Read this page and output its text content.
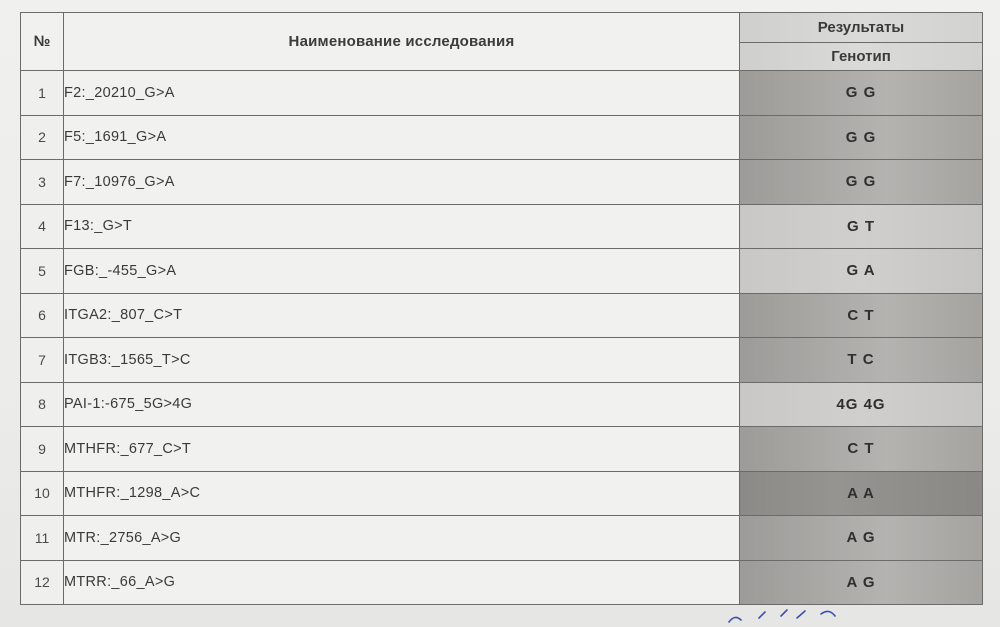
№	Наименование исследования	Результаты
		Генотип
1	F2:_20210_G>A	G G
2	F5:_1691_G>A	G G
3	F7:_10976_G>A	G G
4	F13:_G>T	G T
5	FGB:_-455_G>A	G A
6	ITGA2:_807_C>T	C T
7	ITGB3:_1565_T>C	T C
8	PAI-1:-675_5G>4G	4G 4G
9	MTHFR:_677_C>T	C T
10	MTHFR:_1298_A>C	A A
11	MTR:_2756_A>G	A G
12	MTRR:_66_A>G	A G
